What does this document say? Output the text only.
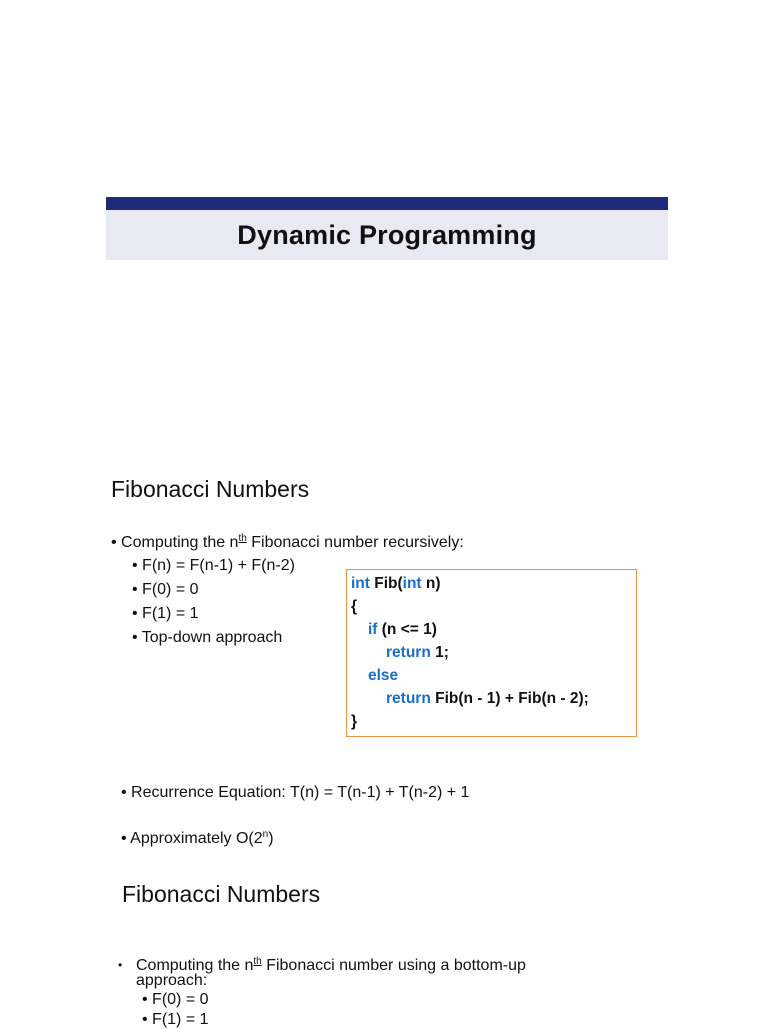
Dynamic Programming
Fibonacci Numbers
• Computing the $n^{th}$ Fibonacci number recursively:
• F(n) = F(n-1) + F(n-2)
• F(0) = 0
• F(1) = 1
• Top-down approach
int Fib(int n)
{
if (n <= 1)
return 1;
else
return Fib(n - 1) + Fib(n - 2);
}
• Recurrence Equation: T(n) = T(n-1) + T(n-2) + 1
• Approximately O(2$^n$)
Fibonacci Numbers
• Computing the $n^{th}$ Fibonacci number using a bottom-up
approach:
• F(0) = 0
• F(1) = 1
